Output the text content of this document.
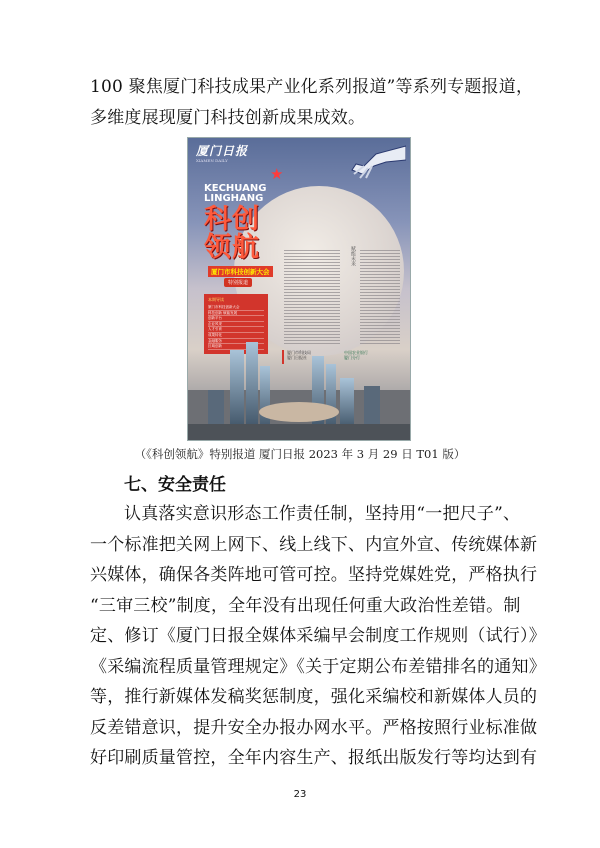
100 聚焦厦门科技成果产业化系列报道”等系列专题报道，
多维度展现厦门科技创新成果成效。
厦门日报
XIAMEN DAILY
★
KECHUANG
LINGHANG
科创
领航
厦门市科技创新大会
特别报道
本期导读
厦门市科技创新大会
科技创新 赋能发展
创新平台
企业风采
人才引育
成果转化
金融服务
区域创新
赋能未来
厦门市科技局
厦门日报社
中国农业银行
厦门分行
（《科创领航》特别报道 厦门日报 2023 年 3 月 29 日 T01 版）
七、安全责任
认真落实意识形态工作责任制，坚持用“一把尺子”、
一个标准把关网上网下、线上线下、内宣外宣、传统媒体新
兴媒体，确保各类阵地可管可控。坚持党媒姓党，严格执行
“三审三校”制度，全年没有出现任何重大政治性差错。制
定、修订《厦门日报全媒体采编早会制度工作规则（试行）》
《采编流程质量管理规定》《关于定期公布差错排名的通知》
等，推行新媒体发稿奖惩制度，强化采编校和新媒体人员的
反差错意识，提升安全办报办网水平。严格按照行业标准做
好印刷质量管控，全年内容生产、报纸出版发行等均达到有
23
